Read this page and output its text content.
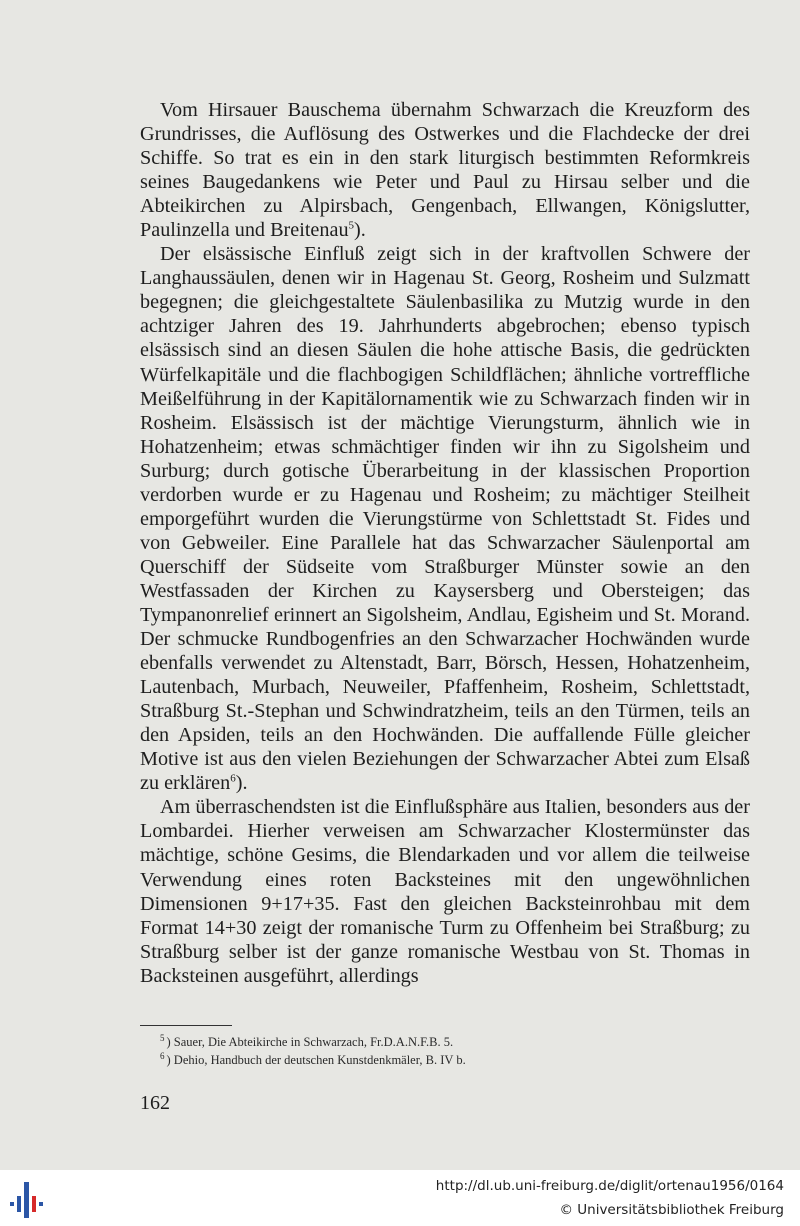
Vom Hirsauer Bauschema übernahm Schwarzach die Kreuzform des Grundrisses, die Auflösung des Ostwerkes und die Flachdecke der drei Schiffe. So trat es ein in den stark liturgisch bestimmten Reformkreis seines Baugedankens wie Peter und Paul zu Hirsau selber und die Abteikirchen zu Alpirsbach, Gengenbach, Ellwangen, Königslutter, Paulinzella und Breitenau$^5$).

Der elsässische Einfluß zeigt sich in der kraftvollen Schwere der Langhaussäulen, denen wir in Hagenau St. Georg, Rosheim und Sulzmatt begegnen; die gleichgestaltete Säulenbasilika zu Mutzig wurde in den achtziger Jahren des 19. Jahrhunderts abgebrochen; ebenso typisch elsässisch sind an diesen Säulen die hohe attische Basis, die gedrückten Würfelkapitäle und die flachbogigen Schildflächen; ähnliche vortreffliche Meißelführung in der Kapitälornamentik wie zu Schwarzach finden wir in Rosheim. Elsässisch ist der mächtige Vierungsturm, ähnlich wie in Hohatzenheim; etwas schmächtiger finden wir ihn zu Sigolsheim und Surburg; durch gotische Überarbeitung in der klassischen Proportion verdorben wurde er zu Hagenau und Rosheim; zu mächtiger Steilheit emporgeführt wurden die Vierungstürme von Schlettstadt St. Fides und von Gebweiler. Eine Parallele hat das Schwarzacher Säulenportal am Querschiff der Südseite vom Straßburger Münster sowie an den Westfassaden der Kirchen zu Kaysersberg und Obersteigen; das Tympanonrelief erinnert an Sigolsheim, Andlau, Egisheim und St. Morand. Der schmucke Rundbogenfries an den Schwarzacher Hochwänden wurde ebenfalls verwendet zu Altenstadt, Barr, Börsch, Hessen, Hohatzenheim, Lautenbach, Murbach, Neuweiler, Pfaffenheim, Rosheim, Schlettstadt, Straßburg St.-Stephan und Schwindratzheim, teils an den Türmen, teils an den Apsiden, teils an den Hochwänden. Die auffallende Fülle gleicher Motive ist aus den vielen Beziehungen der Schwarzacher Abtei zum Elsaß zu erklären$^6$).

Am überraschendsten ist die Einflußsphäre aus Italien, besonders aus der Lombardei. Hierher verweisen am Schwarzacher Klostermünster das mächtige, schöne Gesims, die Blendarkaden und vor allem die teilweise Verwendung eines roten Backsteines mit den ungewöhnlichen Dimensionen 9+17+35. Fast den gleichen Backsteinrohbau mit dem Format 14+30 zeigt der romanische Turm zu Offenheim bei Straßburg; zu Straßburg selber ist der ganze romanische Westbau von St. Thomas in Backsteinen ausgeführt, allerdings

$^5$ ) Sauer, Die Abteikirche in Schwarzach, Fr.D.A.N.F.B. 5.
$^6$ ) Dehio, Handbuch der deutschen Kunstdenkmäler, B. IV b.
162
http://dl.ub.uni-freiburg.de/diglit/ortenau1956/0164
© Universitätsbibliothek Freiburg
